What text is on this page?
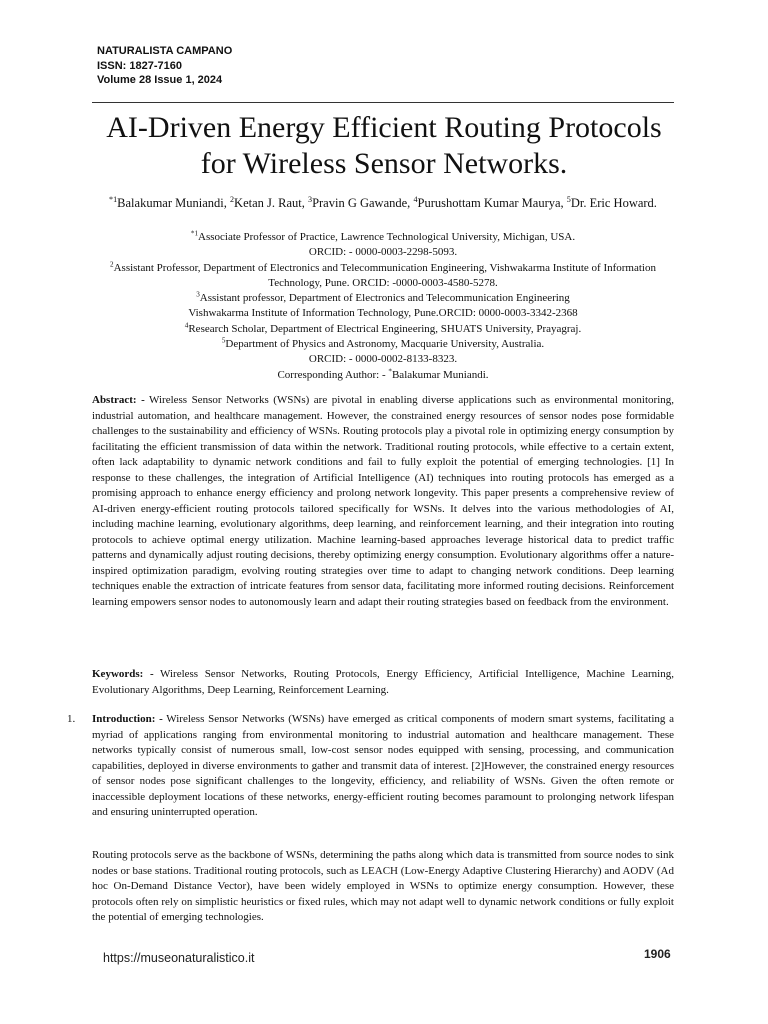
NATURALISTA CAMPANO
ISSN: 1827-7160
Volume 28 Issue 1, 2024
AI-Driven Energy Efficient Routing Protocols
for Wireless Sensor Networks.
$^{*1}$Balakumar Muniandi, $^2$Ketan J. Raut, $^3$Pravin G Gawande, $^4$Purushottam Kumar Maurya, $^5$Dr. Eric Howard.
$^{*1}$Associate Professor of Practice, Lawrence Technological University, Michigan, USA.
ORCID: - 0000-0003-2298-5093.
$^2$Assistant Professor, Department of Electronics and Telecommunication Engineering, Vishwakarma Institute of Information Technology, Pune. ORCID: -0000-0003-4580-5278.
$^3$Assistant professor, Department of Electronics and Telecommunication Engineering
Vishwakarma Institute of Information Technology, Pune.ORCID: 0000-0003-3342-2368
$^4$Research Scholar, Department of Electrical Engineering, SHUATS University, Prayagraj.
$^5$Department of Physics and Astronomy, Macquarie University, Australia.
ORCID: - 0000-0002-8133-8323.
Corresponding Author: - *Balakumar Muniandi.
Abstract: - Wireless Sensor Networks (WSNs) are pivotal in enabling diverse applications such as environmental monitoring, industrial automation, and healthcare management. However, the constrained energy resources of sensor nodes pose formidable challenges to the sustainability and efficiency of WSNs. Routing protocols play a pivotal role in optimizing energy consumption by facilitating the efficient transmission of data within the network. Traditional routing protocols, while effective to a certain extent, often lack adaptability to dynamic network conditions and fail to fully exploit the potential of emerging technologies. [1] In response to these challenges, the integration of Artificial Intelligence (AI) techniques into routing protocols has emerged as a promising approach to enhance energy efficiency and prolong network longevity. This paper presents a comprehensive review of AI-driven energy-efficient routing protocols tailored specifically for WSNs. It delves into the various methodologies of AI, including machine learning, evolutionary algorithms, deep learning, and reinforcement learning, and their integration into routing protocols to achieve optimal energy utilization. Machine learning-based approaches leverage historical data to predict traffic patterns and dynamically adjust routing decisions, thereby optimizing energy consumption. Evolutionary algorithms offer a nature-inspired optimization paradigm, evolving routing strategies over time to adapt to changing network conditions. Deep learning techniques enable the extraction of intricate features from sensor data, facilitating more informed routing decisions. Reinforcement learning empowers sensor nodes to autonomously learn and adapt their routing strategies based on feedback from the environment.
Keywords: - Wireless Sensor Networks, Routing Protocols, Energy Efficiency, Artificial Intelligence, Machine Learning, Evolutionary Algorithms, Deep Learning, Reinforcement Learning.
1. Introduction: - Wireless Sensor Networks (WSNs) have emerged as critical components of modern smart systems, facilitating a myriad of applications ranging from environmental monitoring to industrial automation and healthcare management. These networks typically consist of numerous small, low-cost sensor nodes equipped with sensing, processing, and communication capabilities, deployed in diverse environments to gather and transmit data of interest. [2]However, the constrained energy resources of sensor nodes pose significant challenges to the longevity, efficiency, and reliability of WSNs. Given the often remote or inaccessible deployment locations of these networks, energy-efficient routing becomes paramount to prolonging network lifespan and ensuring uninterrupted operation.
Routing protocols serve as the backbone of WSNs, determining the paths along which data is transmitted from source nodes to sink nodes or base stations. Traditional routing protocols, such as LEACH (Low-Energy Adaptive Clustering Hierarchy) and AODV (Ad hoc On-Demand Distance Vector), have been widely employed in WSNs to optimize energy consumption. However, these protocols often rely on simplistic heuristics or fixed rules, which may not adapt well to dynamic network conditions or fully exploit the potential of emerging technologies.
https://museonaturalistico.it	1906
